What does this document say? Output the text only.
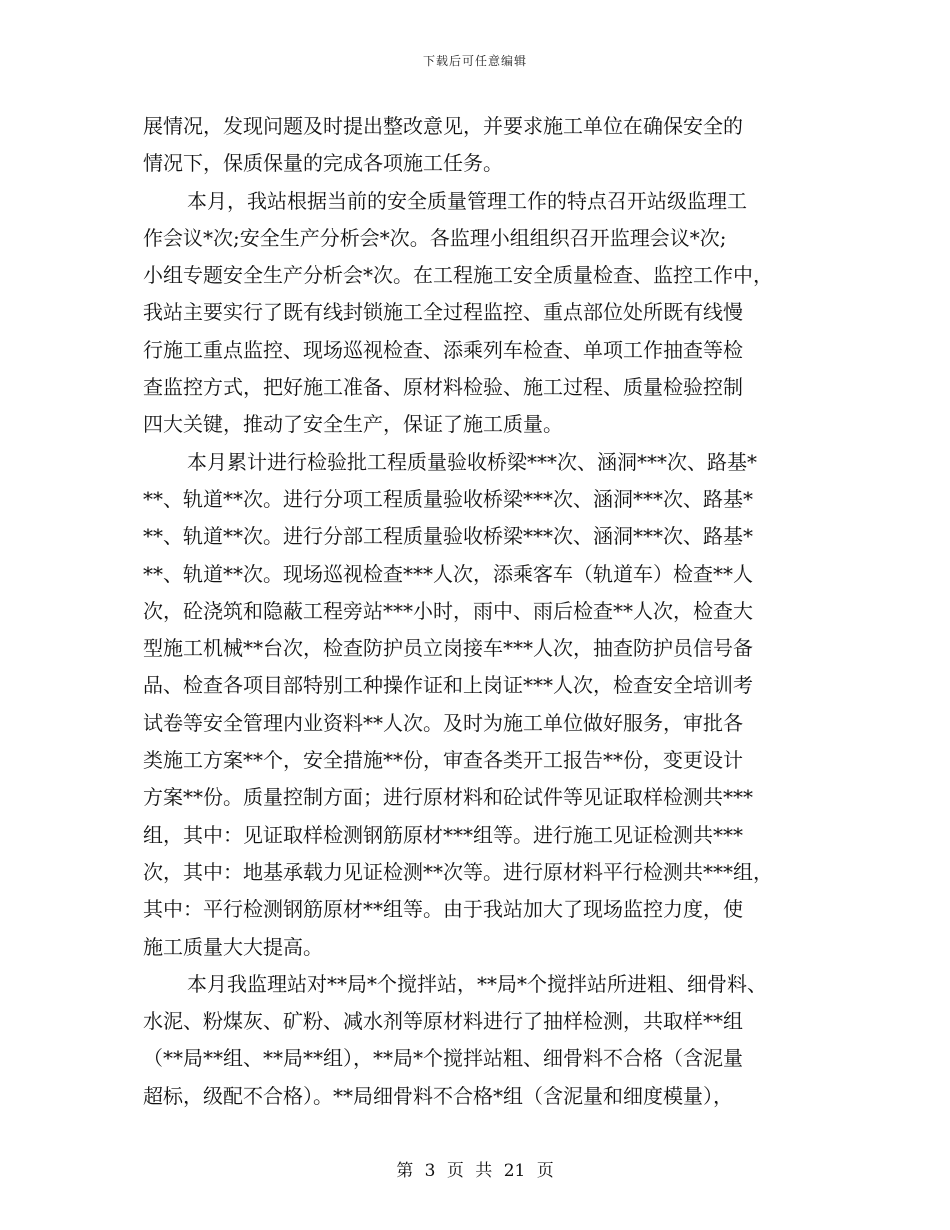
下载后可任意编辑
展情况，发现问题及时提出整改意见，并要求施工单位在确保安全的
情况下，保质保量的完成各项施工任务。
本月，我站根据当前的安全质量管理工作的特点召开站级监理工
作会议*次;安全生产分析会*次。各监理小组组织召开监理会议*次;
小组专题安全生产分析会*次。在工程施工安全质量检查、监控工作中，
我站主要实行了既有线封锁施工全过程监控、重点部位处所既有线慢
行施工重点监控、现场巡视检查、添乘列车检查、单项工作抽查等检
查监控方式，把好施工准备、原材料检验、施工过程、质量检验控制
四大关键，推动了安全生产，保证了施工质量。
本月累计进行检验批工程质量验收桥梁***次、涵洞***次、路基*
**、轨道**次。进行分项工程质量验收桥梁***次、涵洞***次、路基*
**、轨道**次。进行分部工程质量验收桥梁***次、涵洞***次、路基*
**、轨道**次。现场巡视检查***人次，添乘客车（轨道车）检查**人
次，砼浇筑和隐蔽工程旁站***小时，雨中、雨后检查**人次，检查大
型施工机械**台次，检查防护员立岗接车***人次，抽查防护员信号备
品、检查各项目部特别工种操作证和上岗证***人次，检查安全培训考
试卷等安全管理内业资料**人次。及时为施工单位做好服务，审批各
类施工方案**个，安全措施**份，审查各类开工报告**份，变更设计
方案**份。质量控制方面；进行原材料和砼试件等见证取样检测共***
组，其中：见证取样检测钢筋原材***组等。进行施工见证检测共***
次，其中：地基承载力见证检测**次等。进行原材料平行检测共***组，
其中：平行检测钢筋原材**组等。由于我站加大了现场监控力度，使
施工质量大大提高。
本月我监理站对**局*个搅拌站，**局*个搅拌站所进粗、细骨料、
水泥、粉煤灰、矿粉、减水剂等原材料进行了抽样检测，共取样**组
（**局**组、**局**组），**局*个搅拌站粗、细骨料不合格（含泥量
超标，级配不合格）。**局细骨料不合格*组（含泥量和细度模量），
第 3 页 共 21 页
